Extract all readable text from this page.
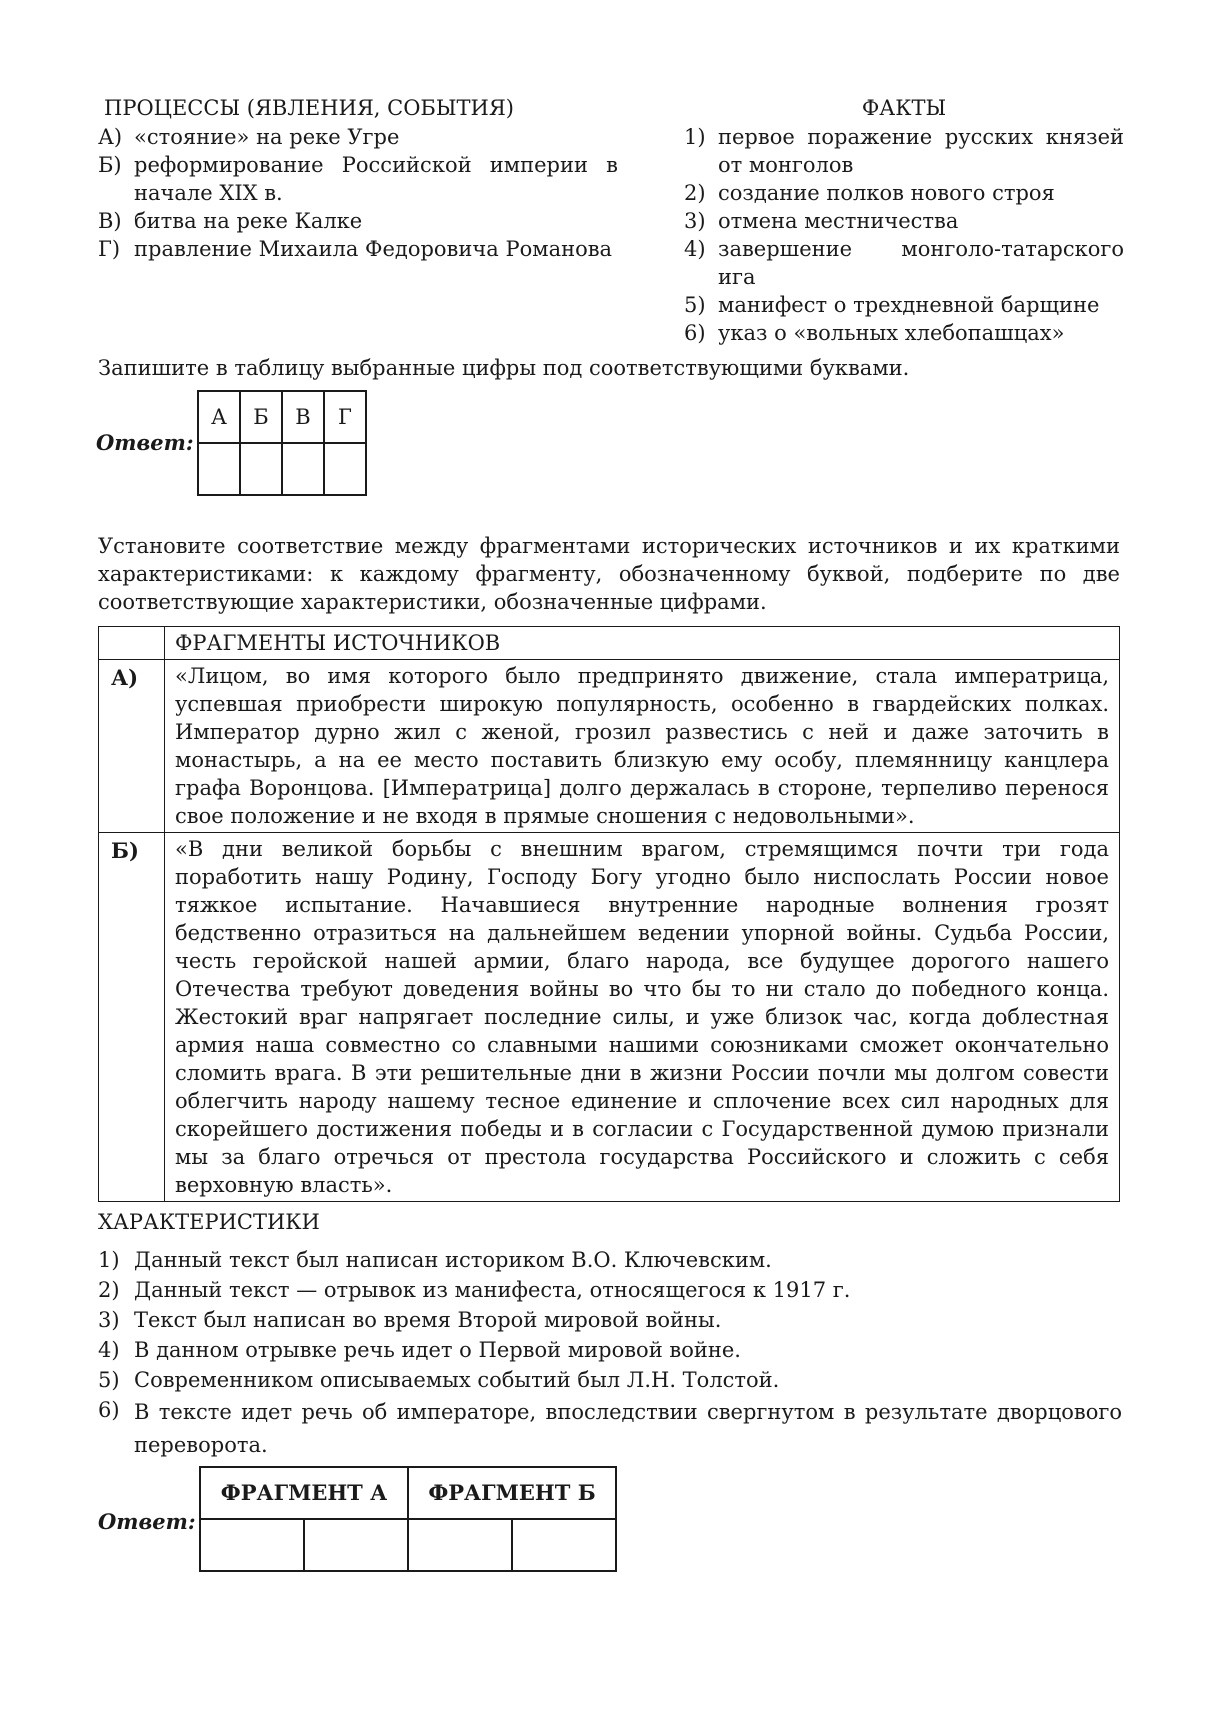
ПРОЦЕССЫ (ЯВЛЕНИЯ, СОБЫТИЯ)
А) «стояние» на реке Угре
Б) реформирование Российской империи в начале XIX в.
В) битва на реке Калке
Г) правление Михаила Федоровича Романова
ФАКТЫ
1) первое поражение русских князей от монголов
2) создание полков нового строя
3) отмена местничества
4) завершение монголо-татарского ига
5) манифест о трехдневной барщине
6) указ о «вольных хлебопашцах»
Запишите в таблицу выбранные цифры под соответствующими буквами.
Ответ:
А	Б	В	Г

Установите соответствие между фрагментами исторических источников и их краткими характеристиками: к каждому фрагменту, обозначенному буквой, подберите по две соответствующие характеристики, обозначенные цифрами.
ФРАГМЕНТЫ ИСТОЧНИКОВ
А)	«Лицом, во имя которого было предпринято движение, стала императрица, успевшая приобрести широкую популярность, особенно в гвардейских полках. Император дурно жил с женой, грозил развестись с ней и даже заточить в монастырь, а на ее место поставить близкую ему особу, племянницу канцлера графа Воронцова. [Императрица] долго держалась в стороне, терпеливо перенося свое положение и не входя в прямые сношения с недовольными».
Б)	«В дни великой борьбы с внешним врагом, стремящимся почти три года поработить нашу Родину, Господу Богу угодно было ниспослать России новое тяжкое испытание. Начавшиеся внутренние народные волнения грозят бедственно отразиться на дальнейшем ведении упорной войны. Судьба России, честь геройской нашей армии, благо народа, все будущее дорогого нашего Отечества требуют доведения войны во что бы то ни стало до победного конца. Жестокий враг напрягает последние силы, и уже близок час, когда доблестная армия наша совместно со славными нашими союзниками сможет окончательно сломить врага. В эти решительные дни в жизни России почли мы долгом совести облегчить народу нашему тесное единение и сплочение всех сил народных для скорейшего достижения победы и в согласии с Государственной думою признали мы за благо отречься от престола государства Российского и сложить с себя верховную власть».
ХАРАКТЕРИСТИКИ
1) Данный текст был написан историком В.О. Ключевским.
2) Данный текст — отрывок из манифеста, относящегося к 1917 г.
3) Текст был написан во время Второй мировой войны.
4) В данном отрывке речь идет о Первой мировой войне.
5) Современником описываемых событий был Л.Н. Толстой.
6) В тексте идет речь об императоре, впоследствии свергнутом в результате дворцового переворота.
Ответ:
ФРАГМЕНТ А		ФРАГМЕНТ Б	
